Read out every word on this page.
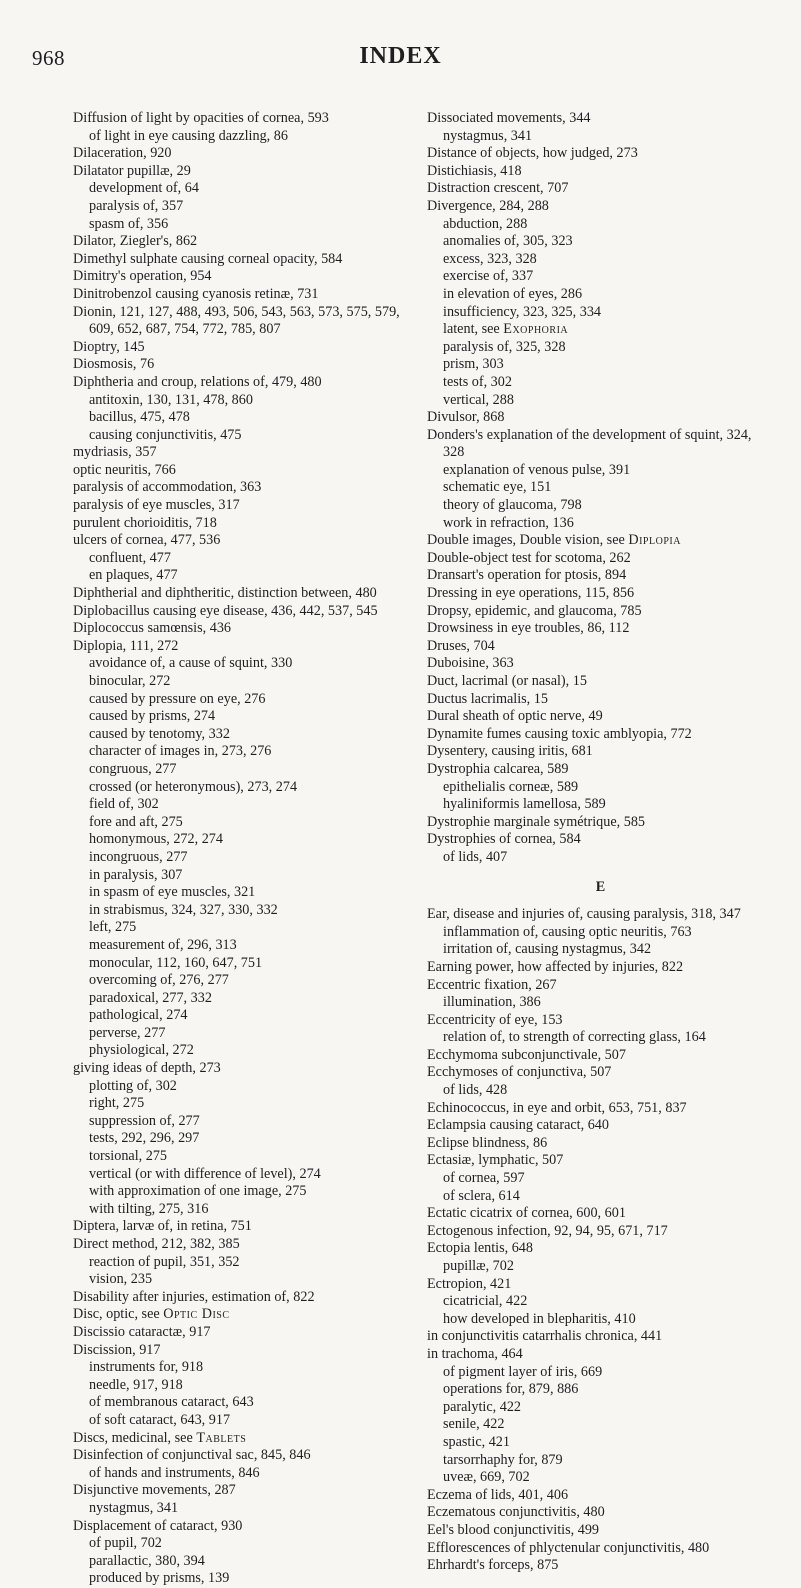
968	INDEX
Diffusion of light by opacities of cornea, 593
of light in eye causing dazzling, 86
Dilaceration, 920
Dilatator pupillæ, 29
development of, 64
paralysis of, 357
spasm of, 356
Dilator, Ziegler's, 862
Dimethyl sulphate causing corneal opacity, 584
Dimitry's operation, 954
Dinitrobenzol causing cyanosis retinæ, 731
Dionin, 121, 127, 488, 493, 506, 543, 563, 573, 575, 579, 609, 652, 687, 754, 772, 785, 807
Dioptry, 145
Diosmosis, 76
Diphtheria and croup, relations of, 479, 480
antitoxin, 130, 131, 478, 860
bacillus, 475, 478
causing conjunctivitis, 475
mydriasis, 357
optic neuritis, 766
paralysis of accommodation, 363
paralysis of eye muscles, 317
purulent chorioiditis, 718
ulcers of cornea, 477, 536
confluent, 477
en plaques, 477
Diphtherial and diphtheritic, distinction between, 480
Diplobacillus causing eye disease, 436, 442, 537, 545
Diplococcus samœnsis, 436
Diplopia, 111, 272
avoidance of, a cause of squint, 330
binocular, 272
caused by pressure on eye, 276
caused by prisms, 274
caused by tenotomy, 332
character of images in, 273, 276
congruous, 277
crossed (or heteronymous), 273, 274
field of, 302
fore and aft, 275
homonymous, 272, 274
incongruous, 277
in paralysis, 307
in spasm of eye muscles, 321
in strabismus, 324, 327, 330, 332
left, 275
measurement of, 296, 313
monocular, 112, 160, 647, 751
overcoming of, 276, 277
paradoxical, 277, 332
pathological, 274
perverse, 277
physiological, 272
giving ideas of depth, 273
plotting of, 302
right, 275
suppression of, 277
tests, 292, 296, 297
torsional, 275
vertical (or with difference of level), 274
with approximation of one image, 275
with tilting, 275, 316
Diptera, larvæ of, in retina, 751
Direct method, 212, 382, 385
reaction of pupil, 351, 352
vision, 235
Disability after injuries, estimation of, 822
Disc, optic, see Optic Disc
Discissio cataractæ, 917
Discission, 917
instruments for, 918
needle, 917, 918
of membranous cataract, 643
of soft cataract, 643, 917
Discs, medicinal, see Tablets
Disinfection of conjunctival sac, 845, 846
of hands and instruments, 846
Disjunctive movements, 287
nystagmus, 341
Displacement of cataract, 930
of pupil, 702
parallactic, 380, 394
produced by prisms, 139
Dissociated movements, 344
nystagmus, 341
Distance of objects, how judged, 273
Distichiasis, 418
Distraction crescent, 707
Divergence, 284, 288
abduction, 288
anomalies of, 305, 323
excess, 323, 328
exercise of, 337
in elevation of eyes, 286
insufficiency, 323, 325, 334
latent, see Exophoria
paralysis of, 325, 328
prism, 303
tests of, 302
vertical, 288
Divulsor, 868
Donders's explanation of the development of squint, 324, 328
explanation of venous pulse, 391
schematic eye, 151
theory of glaucoma, 798
work in refraction, 136
Double images, Double vision, see Diplopia
Double-object test for scotoma, 262
Dransart's operation for ptosis, 894
Dressing in eye operations, 115, 856
Dropsy, epidemic, and glaucoma, 785
Drowsiness in eye troubles, 86, 112
Druses, 704
Duboisine, 363
Duct, lacrimal (or nasal), 15
Ductus lacrimalis, 15
Dural sheath of optic nerve, 49
Dynamite fumes causing toxic amblyopia, 772
Dysentery, causing iritis, 681
Dystrophia calcarea, 589
epithelialis corneæ, 589
hyaliniformis lamellosa, 589
Dystrophie marginale symétrique, 585
Dystrophies of cornea, 584
of lids, 407
E
Ear, disease and injuries of, causing paralysis, 318, 347
inflammation of, causing optic neuritis, 763
irritation of, causing nystagmus, 342
Earning power, how affected by injuries, 822
Eccentric fixation, 267
illumination, 386
Eccentricity of eye, 153
relation of, to strength of correcting glass, 164
Ecchymoma subconjunctivale, 507
Ecchymoses of conjunctiva, 507
of lids, 428
Echinococcus, in eye and orbit, 653, 751, 837
Eclampsia causing cataract, 640
Eclipse blindness, 86
Ectasiæ, lymphatic, 507
of cornea, 597
of sclera, 614
Ectatic cicatrix of cornea, 600, 601
Ectogenous infection, 92, 94, 95, 671, 717
Ectopia lentis, 648
pupillæ, 702
Ectropion, 421
cicatricial, 422
how developed in blepharitis, 410
in conjunctivitis catarrhalis chronica, 441
in trachoma, 464
of pigment layer of iris, 669
operations for, 879, 886
paralytic, 422
senile, 422
spastic, 421
tarsorrhaphy for, 879
uveæ, 669, 702
Eczema of lids, 401, 406
Eczematous conjunctivitis, 480
Eel's blood conjunctivitis, 499
Efflorescences of phlyctenular conjunctivitis, 480
Ehrhardt's forceps, 875
